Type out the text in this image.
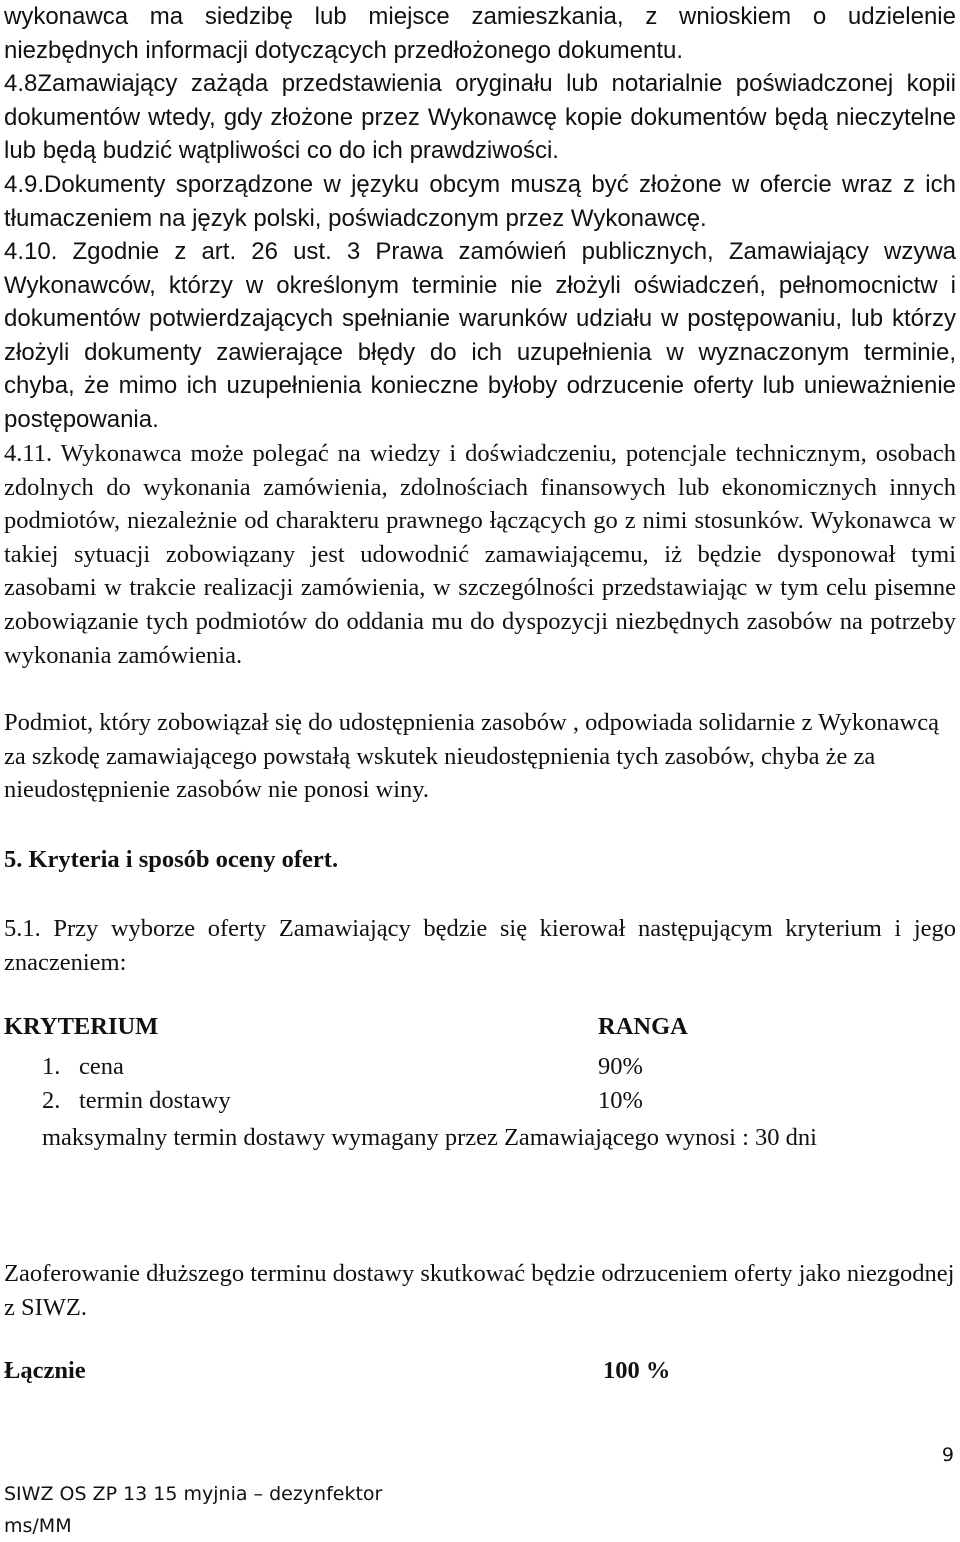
wykonawca ma siedzibę lub miejsce zamieszkania, z wnioskiem o udzielenie niezbędnych informacji dotyczących przedłożonego dokumentu.

4.8Zamawiający zażąda przedstawienia oryginału lub notarialnie poświadczonej kopii dokumentów wtedy, gdy złożone przez Wykonawcę kopie dokumentów będą nieczytelne lub będą budzić wątpliwości co do ich prawdziwości.

4.9.Dokumenty sporządzone w języku obcym muszą być złożone w ofercie wraz z ich tłumaczeniem na język polski, poświadczonym przez Wykonawcę.

4.10. Zgodnie z art. 26 ust. 3 Prawa zamówień publicznych, Zamawiający wzywa Wykonawców, którzy w określonym terminie nie złożyli oświadczeń, pełnomocnictw i dokumentów potwierdzających spełnianie warunków udziału w postępowaniu, lub którzy złożyli dokumenty zawierające błędy do ich uzupełnienia w wyznaczonym terminie, chyba, że mimo ich uzupełnienia konieczne byłoby odrzucenie oferty lub unieważnienie postępowania.

4.11. Wykonawca może polegać na wiedzy i doświadczeniu, potencjale technicznym, osobach zdolnych do wykonania zamówienia, zdolnościach finansowych lub ekonomicznych innych podmiotów, niezależnie od charakteru prawnego łączących go z nimi stosunków. Wykonawca w takiej sytuacji zobowiązany jest udowodnić zamawiającemu, iż będzie dysponował tymi zasobami w trakcie realizacji zamówienia, w szczególności przedstawiając w tym celu pisemne zobowiązanie tych podmiotów do oddania mu do dyspozycji niezbędnych zasobów na potrzeby wykonania zamówienia.

Podmiot, który zobowiązał się do udostępnienia zasobów , odpowiada solidarnie z Wykonawcą za szkodę zamawiającego powstałą wskutek nieudostępnienia tych zasobów, chyba że za nieudostępnienie zasobów nie ponosi winy.

5. Kryteria i sposób oceny ofert.

5.1. Przy wyborze oferty Zamawiający będzie się kierował następującym kryterium i jego znaczeniem:

KRYTERIUM	RANGA
1. cena	90%
2. termin dostawy	10%

maksymalny termin dostawy wymagany przez Zamawiającego wynosi : 30 dni

Zaoferowanie dłuższego terminu dostawy skutkować będzie odrzuceniem oferty jako niezgodnej z SIWZ.

Łącznie	100 %
9
SIWZ OS ZP 13 15 myjnia – dezynfektor
ms/MM
